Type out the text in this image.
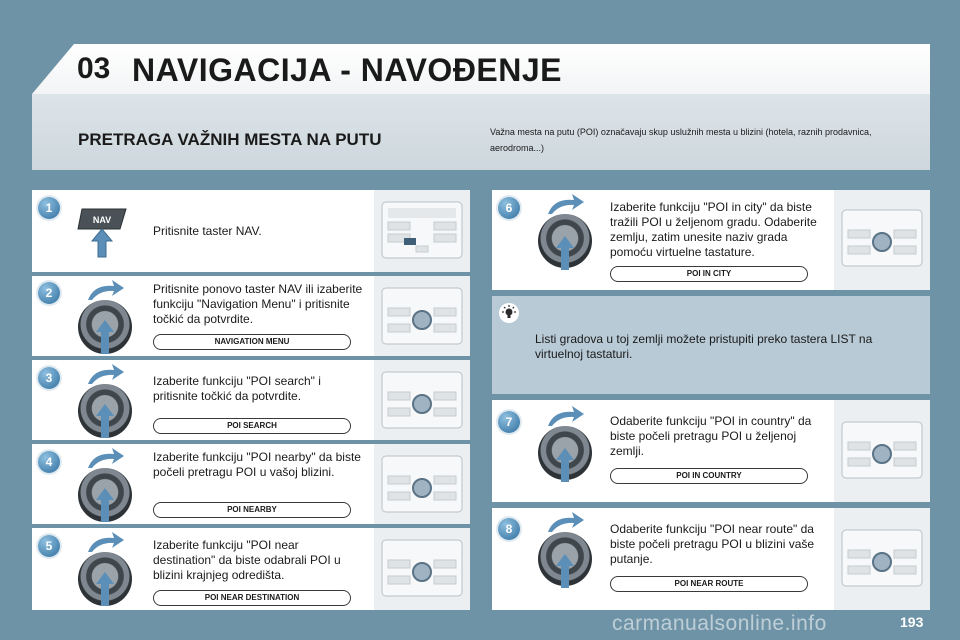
03 NAVIGACIJA - NAVOĐENJE
PRETRAGA VAŽNIH MESTA NA PUTU	Važna mesta na putu (POI) označavaju skup uslužnih mesta u blizini (hotela, raznih prodavnica, aerodroma...)
1
NAV
Pritisnite taster NAV.
2	Pritisnite ponovo taster NAV ili izaberite funkciju "Navigation Menu" i pritisnite točkić da potvrdite.
NAVIGATION MENU
3	Izaberite funkciju "POI search" i pritisnite točkić da potvrdite.
POI SEARCH
4	Izaberite funkciju "POI nearby" da biste počeli pretragu POI u vašoj blizini.
POI NEARBY
5	Izaberite funkciju "POI near destination" da biste odabrali POI u blizini krajnjeg odredišta.
POI NEAR DESTINATION
6	Izaberite funkciju "POI in city" da biste tražili POI u željenom gradu. Odaberite zemlju, zatim unesite naziv grada pomoću virtuelne tastature.
POI IN CITY
Listi gradova u toj zemlji možete pristupiti preko tastera LIST na virtuelnoj tastaturi.
7	Odaberite funkciju "POI in country" da biste počeli pretragu POI u željenoj zemlji.
POI IN COUNTRY
8	Odaberite funkciju "POI near route" da biste počeli pretragu POI u blizini vaše putanje.
POI NEAR ROUTE
carmanualsonline.info	193
